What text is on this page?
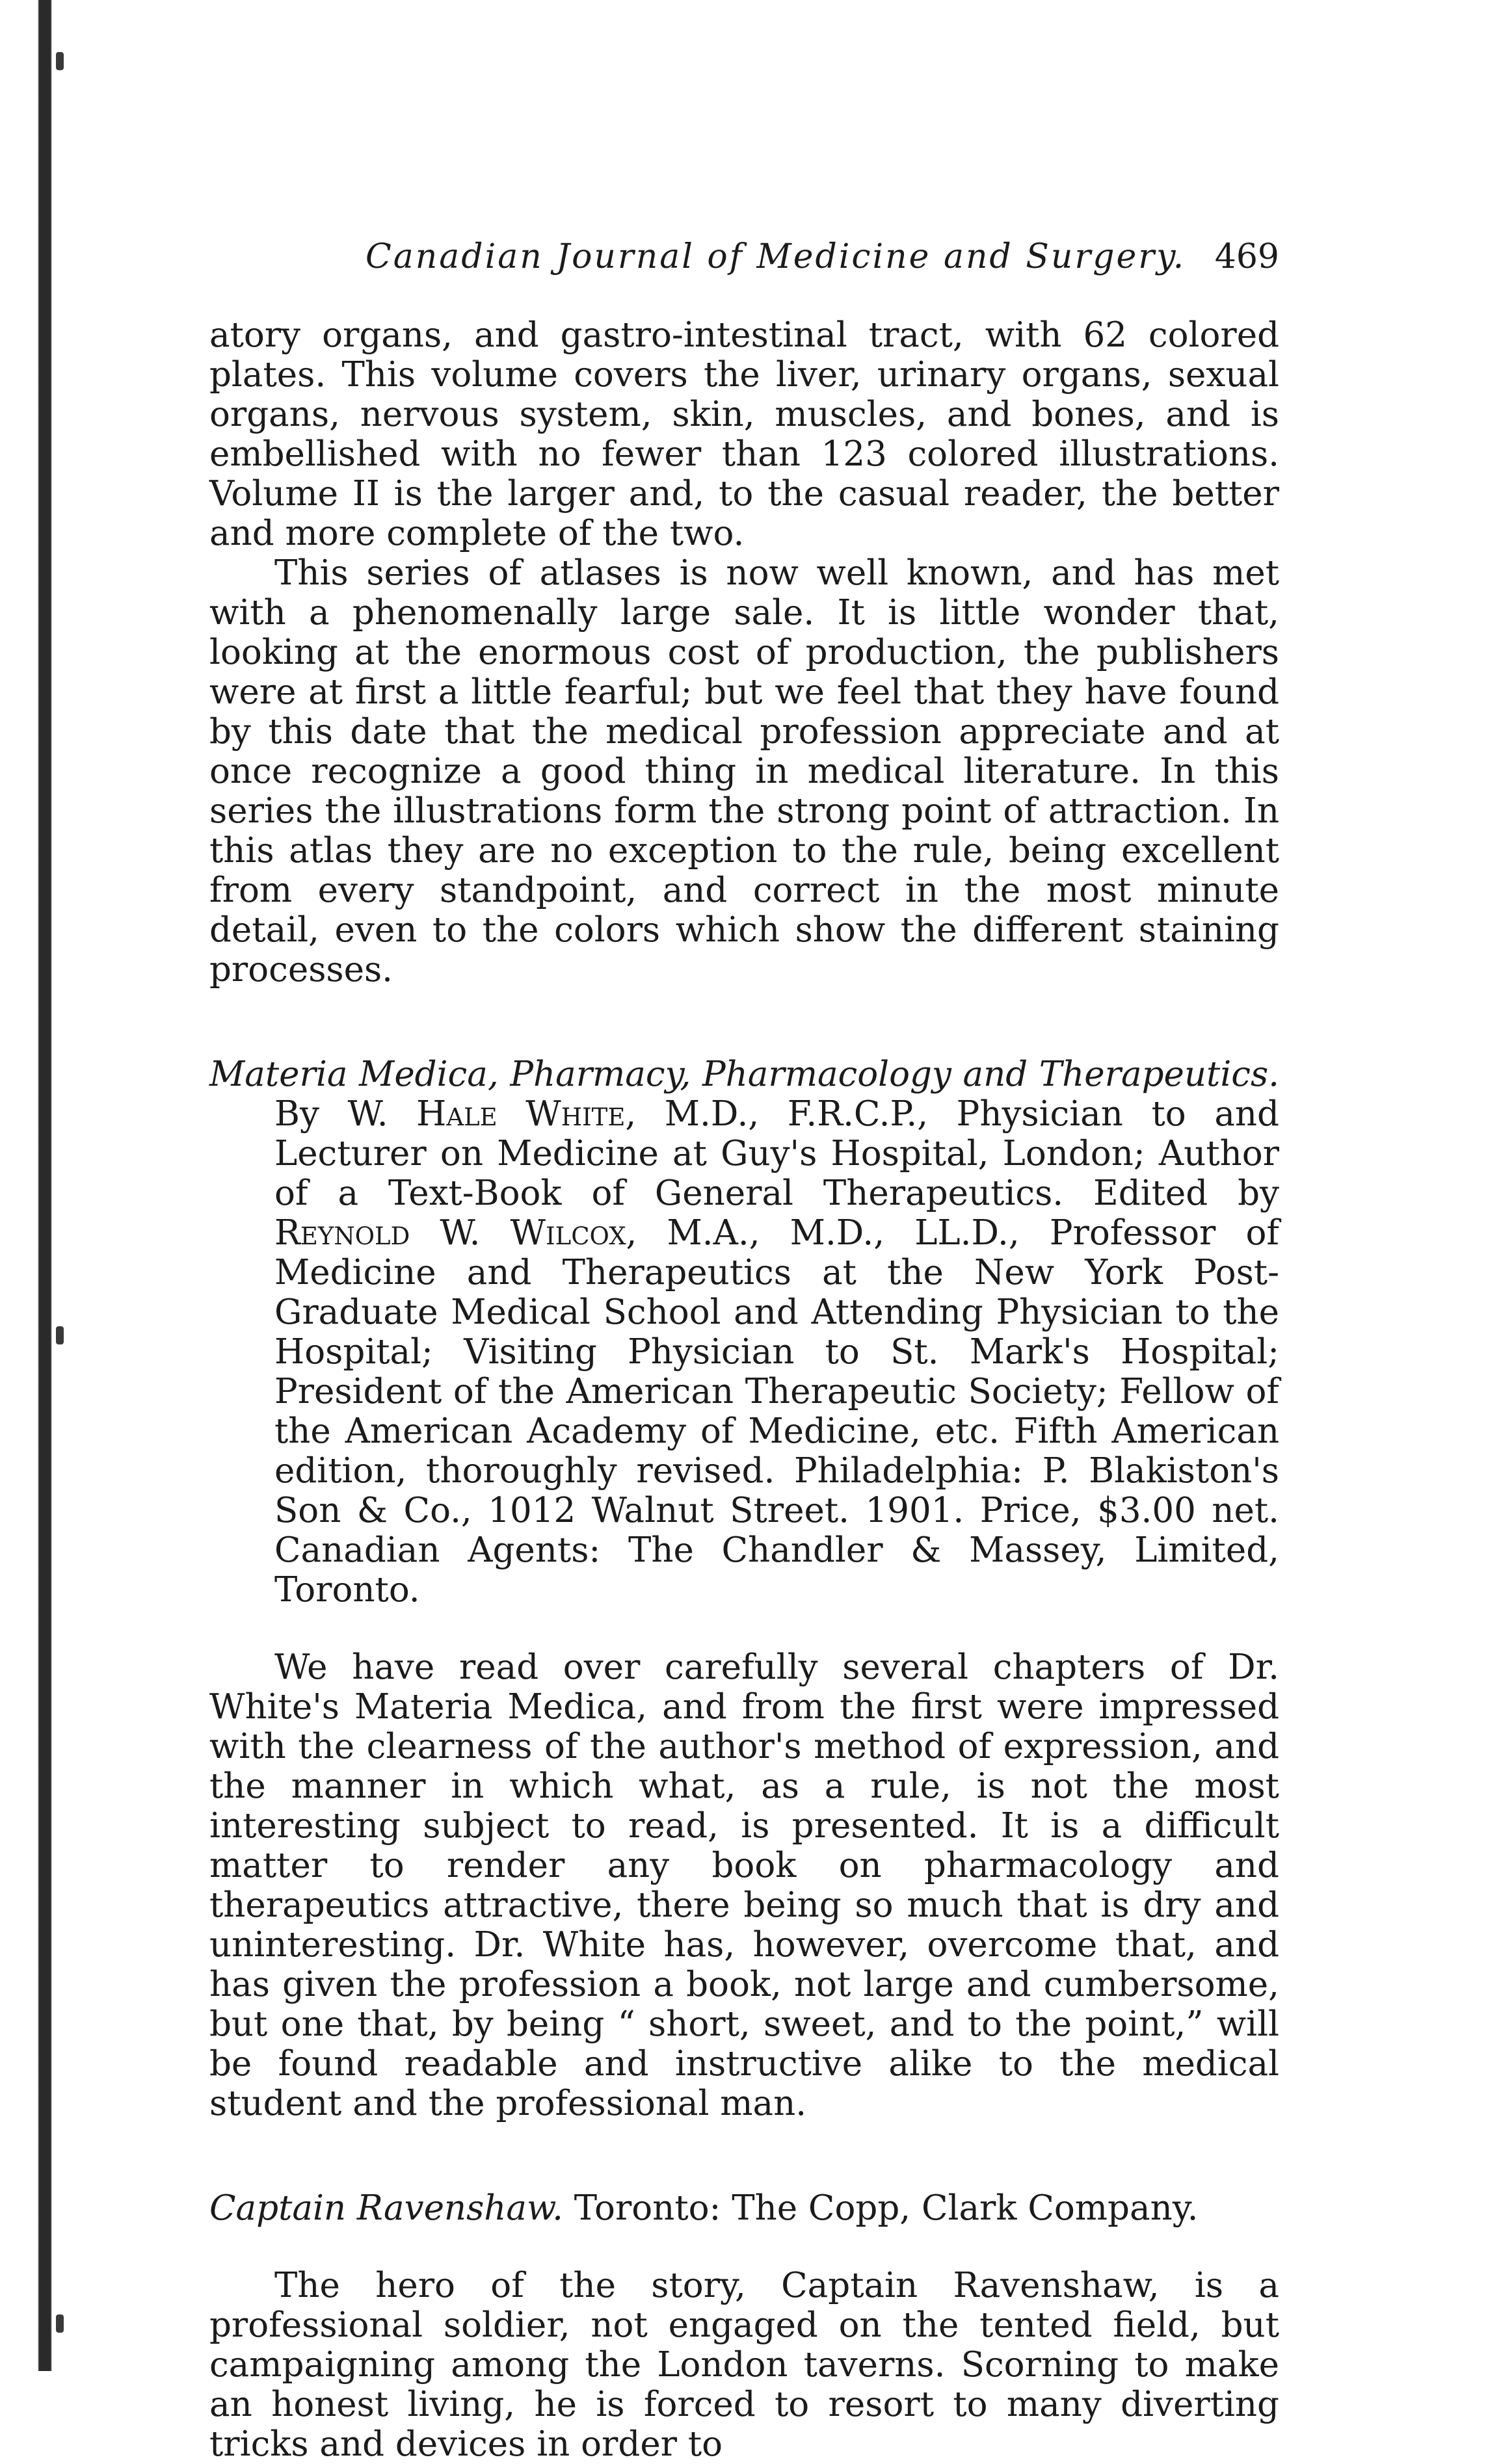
Canadian Journal of Medicine and Surgery. 469

atory organs, and gastro-intestinal tract, with 62 colored plates. This volume covers the liver, urinary organs, sexual organs, nervous system, skin, muscles, and bones, and is embellished with no fewer than 123 colored illustrations. Volume II is the larger and, to the casual reader, the better and more complete of the two.

This series of atlases is now well known, and has met with a phenomenally large sale. It is little wonder that, looking at the enormous cost of production, the publishers were at first a little fearful; but we feel that they have found by this date that the medical profession appreciate and at once recognize a good thing in medical literature. In this series the illustrations form the strong point of attraction. In this atlas they are no exception to the rule, being excellent from every standpoint, and correct in the most minute detail, even to the colors which show the different staining processes.

Materia Medica, Pharmacy, Pharmacology and Therapeutics. By W. Hale White, M.D., F.R.C.P., Physician to and Lecturer on Medicine at Guy's Hospital, London; Author of a Text-Book of General Therapeutics. Edited by Reynold W. Wilcox, M.A., M.D., LL.D., Professor of Medicine and Therapeutics at the New York Post-Graduate Medical School and Attending Physician to the Hospital; Visiting Physician to St. Mark's Hospital; President of the American Therapeutic Society; Fellow of the American Academy of Medicine, etc. Fifth American edition, thoroughly revised. Philadelphia: P. Blakiston's Son & Co., 1012 Walnut Street. 1901. Price, $3.00 net. Canadian Agents: The Chandler & Massey, Limited, Toronto.

We have read over carefully several chapters of Dr. White's Materia Medica, and from the first were impressed with the clearness of the author's method of expression, and the manner in which what, as a rule, is not the most interesting subject to read, is presented. It is a difficult matter to render any book on pharmacology and therapeutics attractive, there being so much that is dry and uninteresting. Dr. White has, however, overcome that, and has given the profession a book, not large and cumbersome, but one that, by being “ short, sweet, and to the point,” will be found readable and instructive alike to the medical student and the professional man.

Captain Ravenshaw. Toronto: The Copp, Clark Company.

The hero of the story, Captain Ravenshaw, is a professional soldier, not engaged on the tented field, but campaigning among the London taverns. Scorning to make an honest living, he is forced to resort to many diverting tricks and devices in order to
